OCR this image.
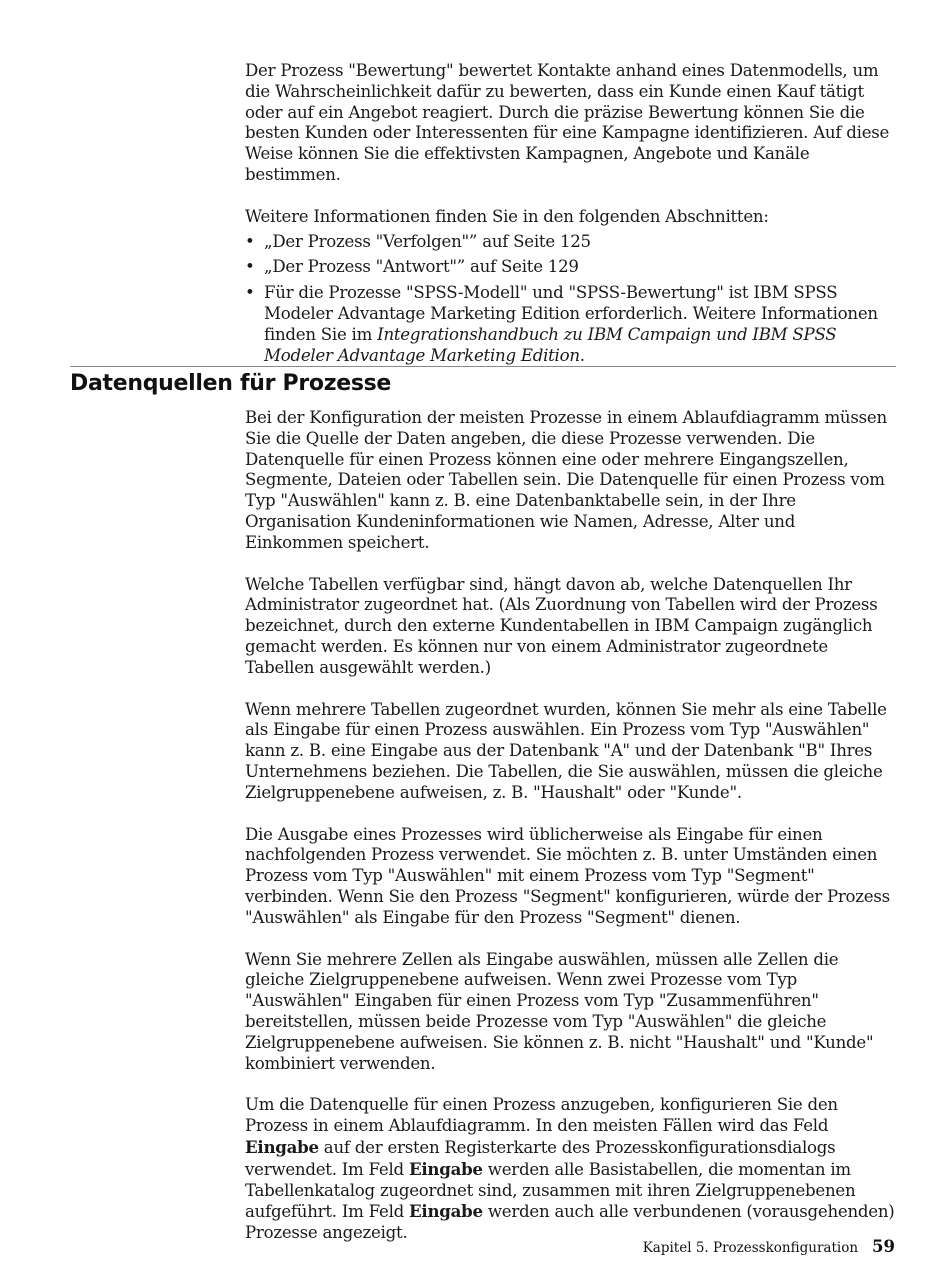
Der Prozess "Bewertung" bewertet Kontakte anhand eines Datenmodells, um die Wahrscheinlichkeit dafür zu bewerten, dass ein Kunde einen Kauf tätigt oder auf ein Angebot reagiert. Durch die präzise Bewertung können Sie die besten Kunden oder Interessenten für eine Kampagne identifizieren. Auf diese Weise können Sie die effektivsten Kampagnen, Angebote und Kanäle bestimmen.

Weitere Informationen finden Sie in den folgenden Abschnitten:

• „Der Prozess "Verfolgen"” auf Seite 125
• „Der Prozess "Antwort"” auf Seite 129
• Für die Prozesse "SPSS-Modell" und "SPSS-Bewertung" ist IBM SPSS Modeler Advantage Marketing Edition erforderlich. Weitere Informationen finden Sie im Integrationshandbuch zu IBM Campaign und IBM SPSS Modeler Advantage Marketing Edition.
Datenquellen für Prozesse

Bei der Konfiguration der meisten Prozesse in einem Ablaufdiagramm müssen Sie die Quelle der Daten angeben, die diese Prozesse verwenden. Die Datenquelle für einen Prozess können eine oder mehrere Eingangszellen, Segmente, Dateien oder Tabellen sein. Die Datenquelle für einen Prozess vom Typ "Auswählen" kann z. B. eine Datenbanktabelle sein, in der Ihre Organisation Kundeninformationen wie Namen, Adresse, Alter und Einkommen speichert.

Welche Tabellen verfügbar sind, hängt davon ab, welche Datenquellen Ihr Administrator zugeordnet hat. (Als Zuordnung von Tabellen wird der Prozess bezeichnet, durch den externe Kundentabellen in IBM Campaign zugänglich gemacht werden. Es können nur von einem Administrator zugeordnete Tabellen ausgewählt werden.)

Wenn mehrere Tabellen zugeordnet wurden, können Sie mehr als eine Tabelle als Eingabe für einen Prozess auswählen. Ein Prozess vom Typ "Auswählen" kann z. B. eine Eingabe aus der Datenbank "A" und der Datenbank "B" Ihres Unternehmens beziehen. Die Tabellen, die Sie auswählen, müssen die gleiche Zielgruppenebene aufweisen, z. B. "Haushalt" oder "Kunde".

Die Ausgabe eines Prozesses wird üblicherweise als Eingabe für einen nachfolgenden Prozess verwendet. Sie möchten z. B. unter Umständen einen Prozess vom Typ "Auswählen" mit einem Prozess vom Typ "Segment" verbinden. Wenn Sie den Prozess "Segment" konfigurieren, würde der Prozess "Auswählen" als Eingabe für den Prozess "Segment" dienen.

Wenn Sie mehrere Zellen als Eingabe auswählen, müssen alle Zellen die gleiche Zielgruppenebene aufweisen. Wenn zwei Prozesse vom Typ "Auswählen" Eingaben für einen Prozess vom Typ "Zusammenführen" bereitstellen, müssen beide Prozesse vom Typ "Auswählen" die gleiche Zielgruppenebene aufweisen. Sie können z. B. nicht "Haushalt" und "Kunde" kombiniert verwenden.

Um die Datenquelle für einen Prozess anzugeben, konfigurieren Sie den Prozess in einem Ablaufdiagramm. In den meisten Fällen wird das Feld Eingabe auf der ersten Registerkarte des Prozesskonfigurationsdialogs verwendet. Im Feld Eingabe werden alle Basistabellen, die momentan im Tabellenkatalog zugeordnet sind, zusammen mit ihren Zielgruppenebenen aufgeführt. Im Feld Eingabe werden auch alle verbundenen (vorausgehenden) Prozesse angezeigt.

Kapitel 5. Prozesskonfiguration 59
